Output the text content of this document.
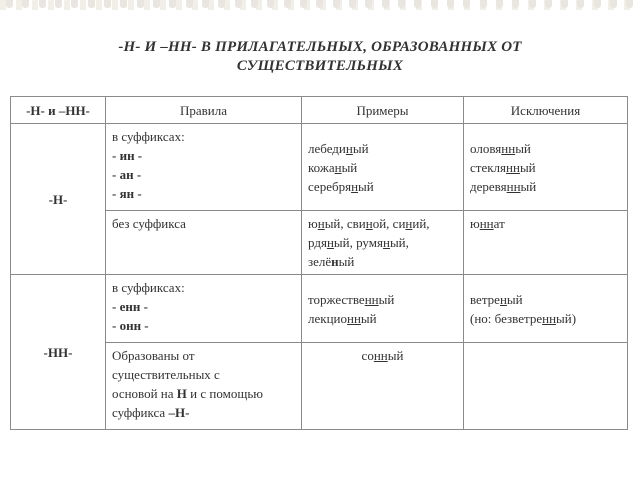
-Н- И –НН- В ПРИЛАГАТЕЛЬНЫХ, ОБРАЗОВАННЫХ ОТ
СУЩЕСТВИТЕЛЬНЫХ
-Н- и –НН-	Правила	Примеры	Исключения
-Н-	в суффиксах:
- ин -
- ан -
- ян -	лебединый
кожаный
серебряный	оловянный
стеклянный
деревянный

	без суффикса	юный, свиной, синий,
рдяный, румяный,
зелёный	юннат

-НН-	в суффиксах:
- енн -
- онн -	торжественный
лекционный	ветреный
(но: безветренный)

	Образованы от
существительных с
основой на Н и с помощью
суффикса –Н-	сонный	
